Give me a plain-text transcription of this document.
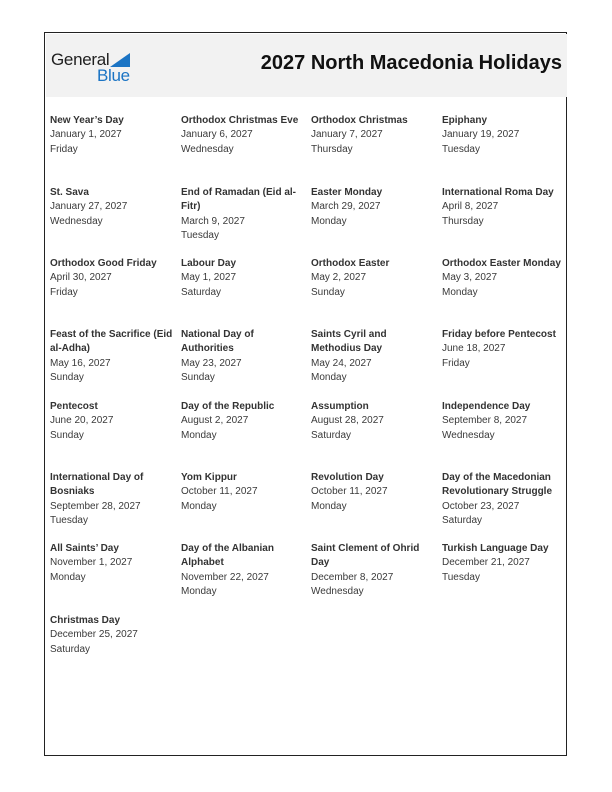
General
Blue
2027 North Macedonia Holidays
New Year’s Day
January 1, 2027
Friday
Orthodox Christmas Eve
January 6, 2027
Wednesday
Orthodox Christmas
January 7, 2027
Thursday
Epiphany
January 19, 2027
Tuesday
St. Sava
January 27, 2027
Wednesday
End of Ramadan (Eid al-Fitr)
March 9, 2027
Tuesday
Easter Monday
March 29, 2027
Monday
International Roma Day
April 8, 2027
Thursday
Orthodox Good Friday
April 30, 2027
Friday
Labour Day
May 1, 2027
Saturday
Orthodox Easter
May 2, 2027
Sunday
Orthodox Easter Monday
May 3, 2027
Monday
Feast of the Sacrifice (Eid al-Adha)
May 16, 2027
Sunday
National Day of Authorities
May 23, 2027
Sunday
Saints Cyril and Methodius Day
May 24, 2027
Monday
Friday before Pentecost
June 18, 2027
Friday
Pentecost
June 20, 2027
Sunday
Day of the Republic
August 2, 2027
Monday
Assumption
August 28, 2027
Saturday
Independence Day
September 8, 2027
Wednesday
International Day of Bosniaks
September 28, 2027
Tuesday
Yom Kippur
October 11, 2027
Monday
Revolution Day
October 11, 2027
Monday
Day of the Macedonian Revolutionary Struggle
October 23, 2027
Saturday
All Saints’ Day
November 1, 2027
Monday
Day of the Albanian Alphabet
November 22, 2027
Monday
Saint Clement of Ohrid Day
December 8, 2027
Wednesday
Turkish Language Day
December 21, 2027
Tuesday
Christmas Day
December 25, 2027
Saturday
